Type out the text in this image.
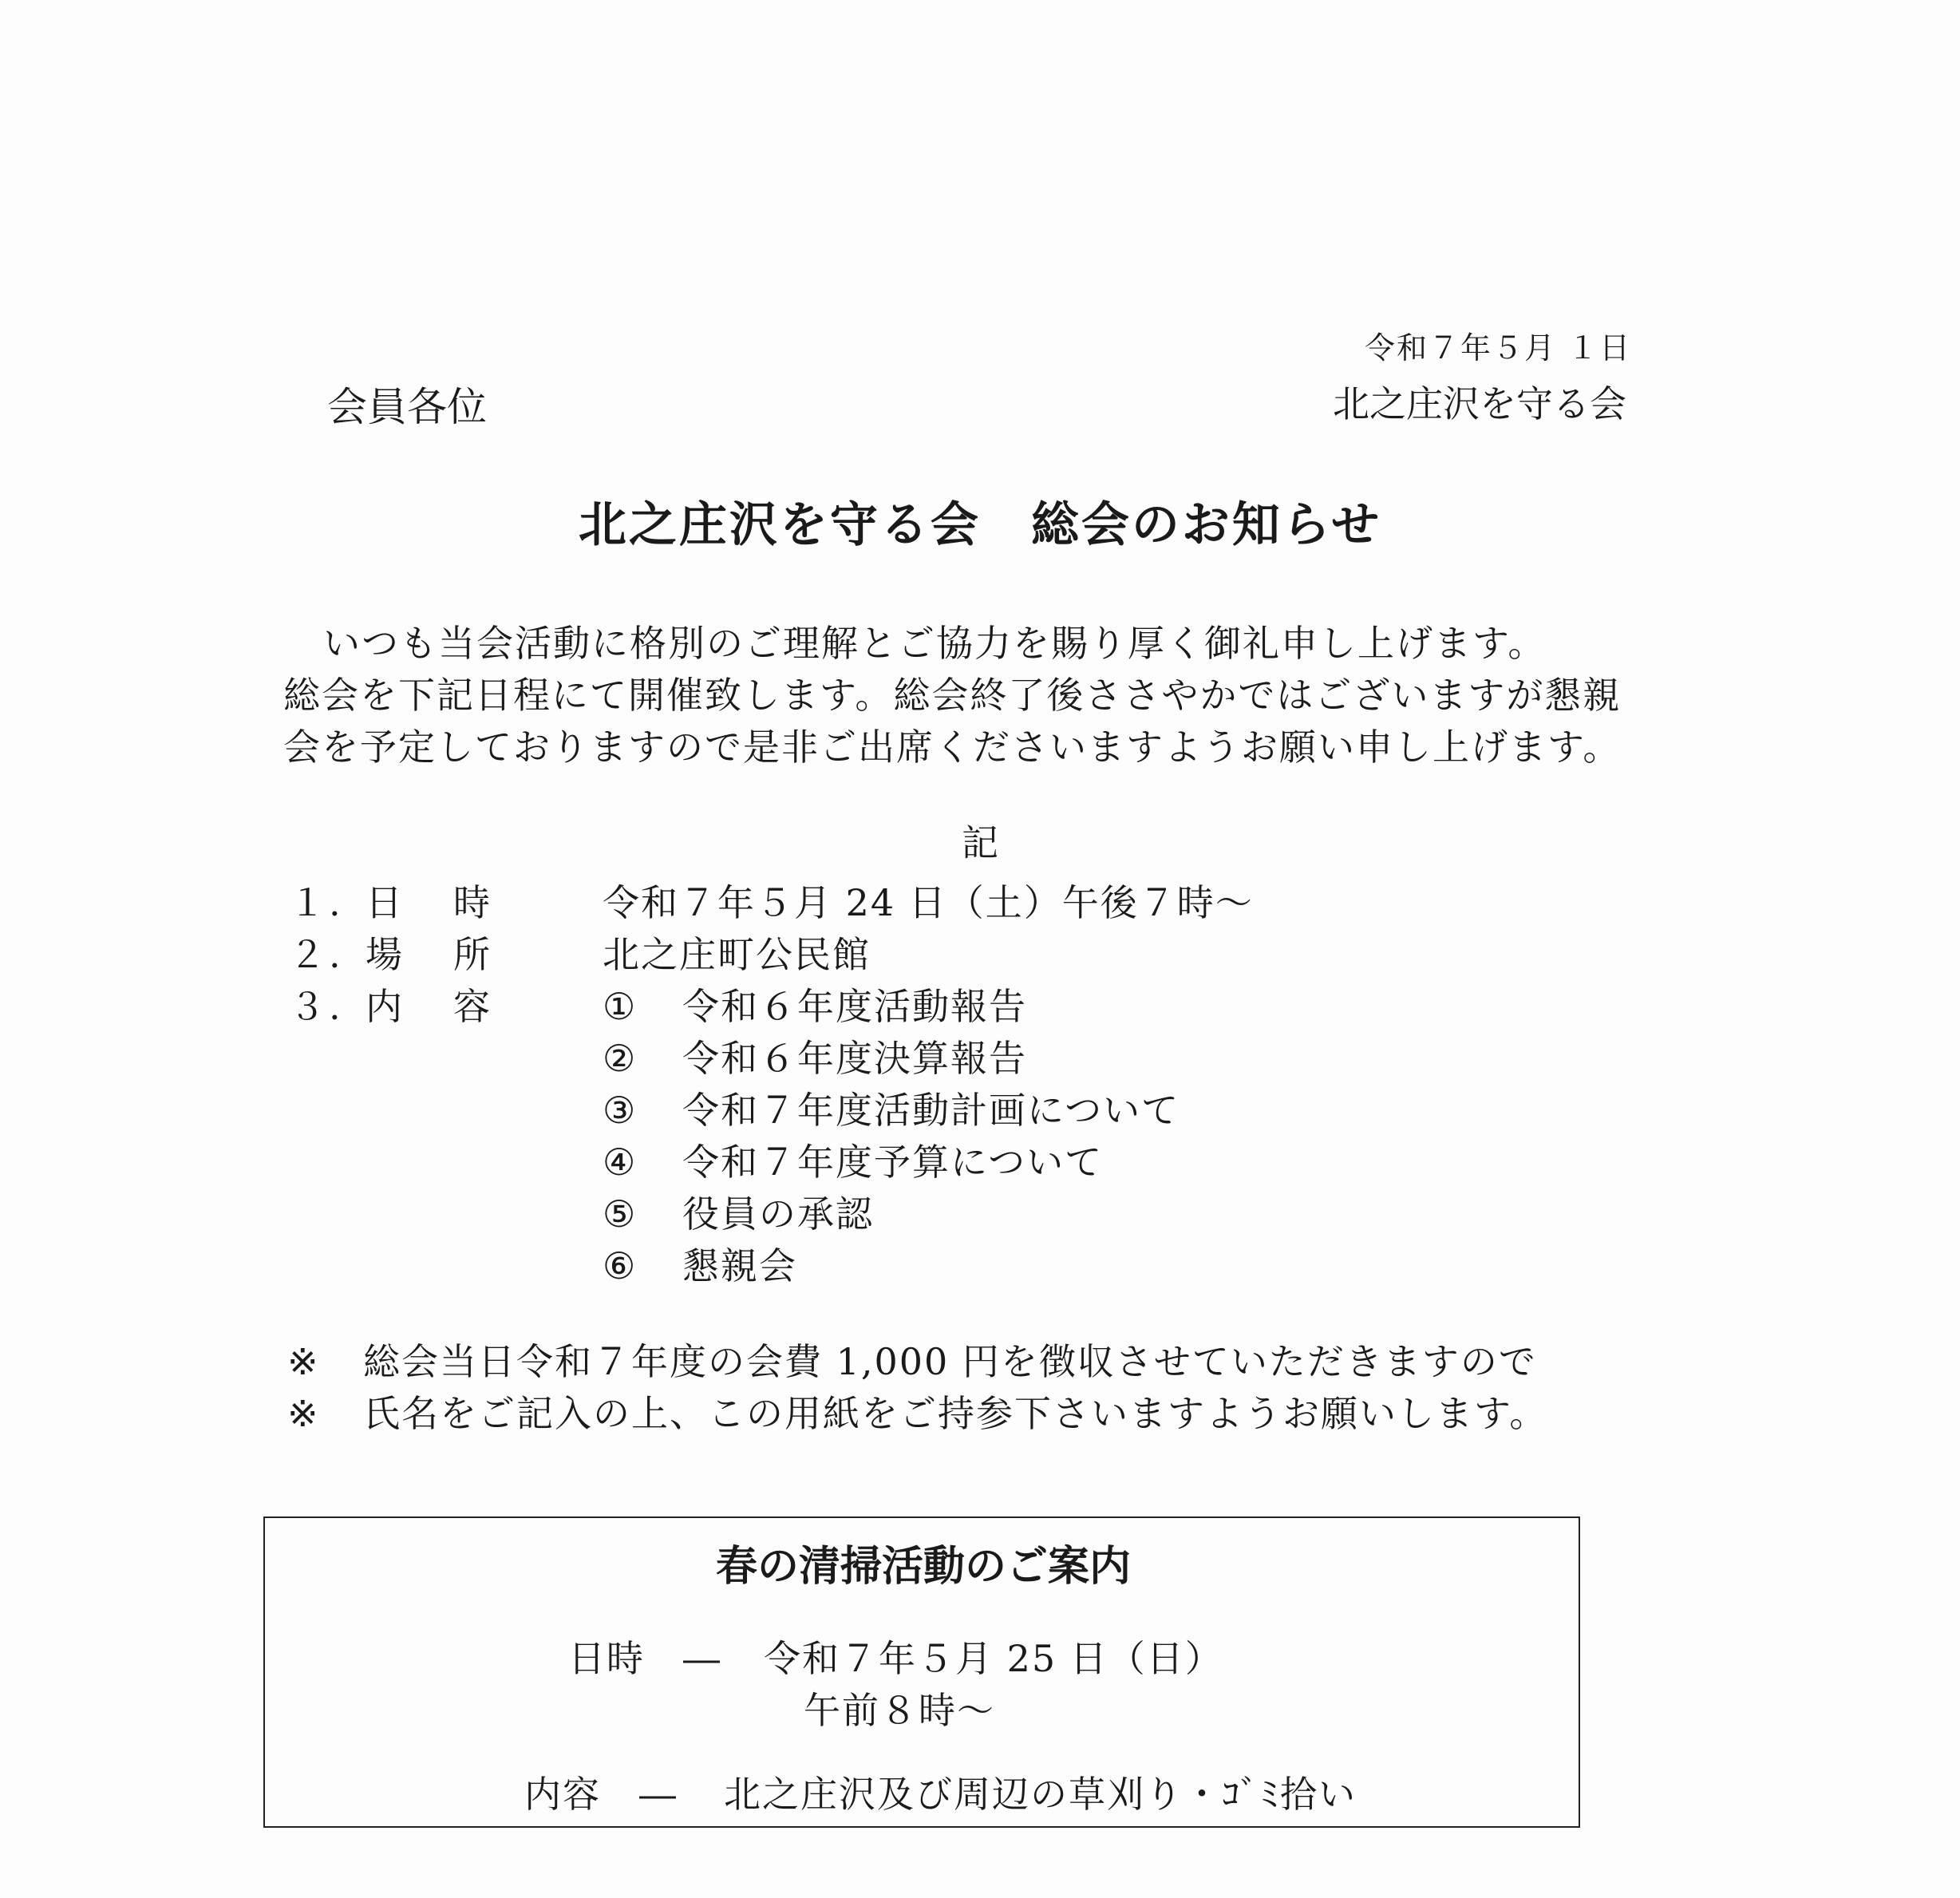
令和７年５月 １日
北之庄沢を守る会
会員各位
北之庄沢を守る会　総会のお知らせ
いつも当会活動に格別のご理解とご協力を賜り厚く御礼申し上げます。
総会を下記日程にて開催致します。総会終了後ささやかではございますが懇親
会を予定しておりますので是非ご出席くださいますようお願い申し上げます。
記
１. 日 時	令和７年５月 24 日（土）午後７時～
２. 場 所	北之庄町公民館
３. 内 容	① 令和６年度活動報告
② 令和６年度決算報告
③ 令和７年度活動計画について
④ 令和７年度予算について
⑤ 役員の承認
⑥ 懇親会
※ 総会当日令和７年度の会費 1,000 円を徴収させていただきますので
※ 氏名をご記入の上、この用紙をご持参下さいますようお願いします。
春の清掃活動のご案内
日時　― 令和７年５月 25 日（日）
午前８時～
内容　― 北之庄沢及び周辺の草刈り・ｺﾞﾐ拾い
